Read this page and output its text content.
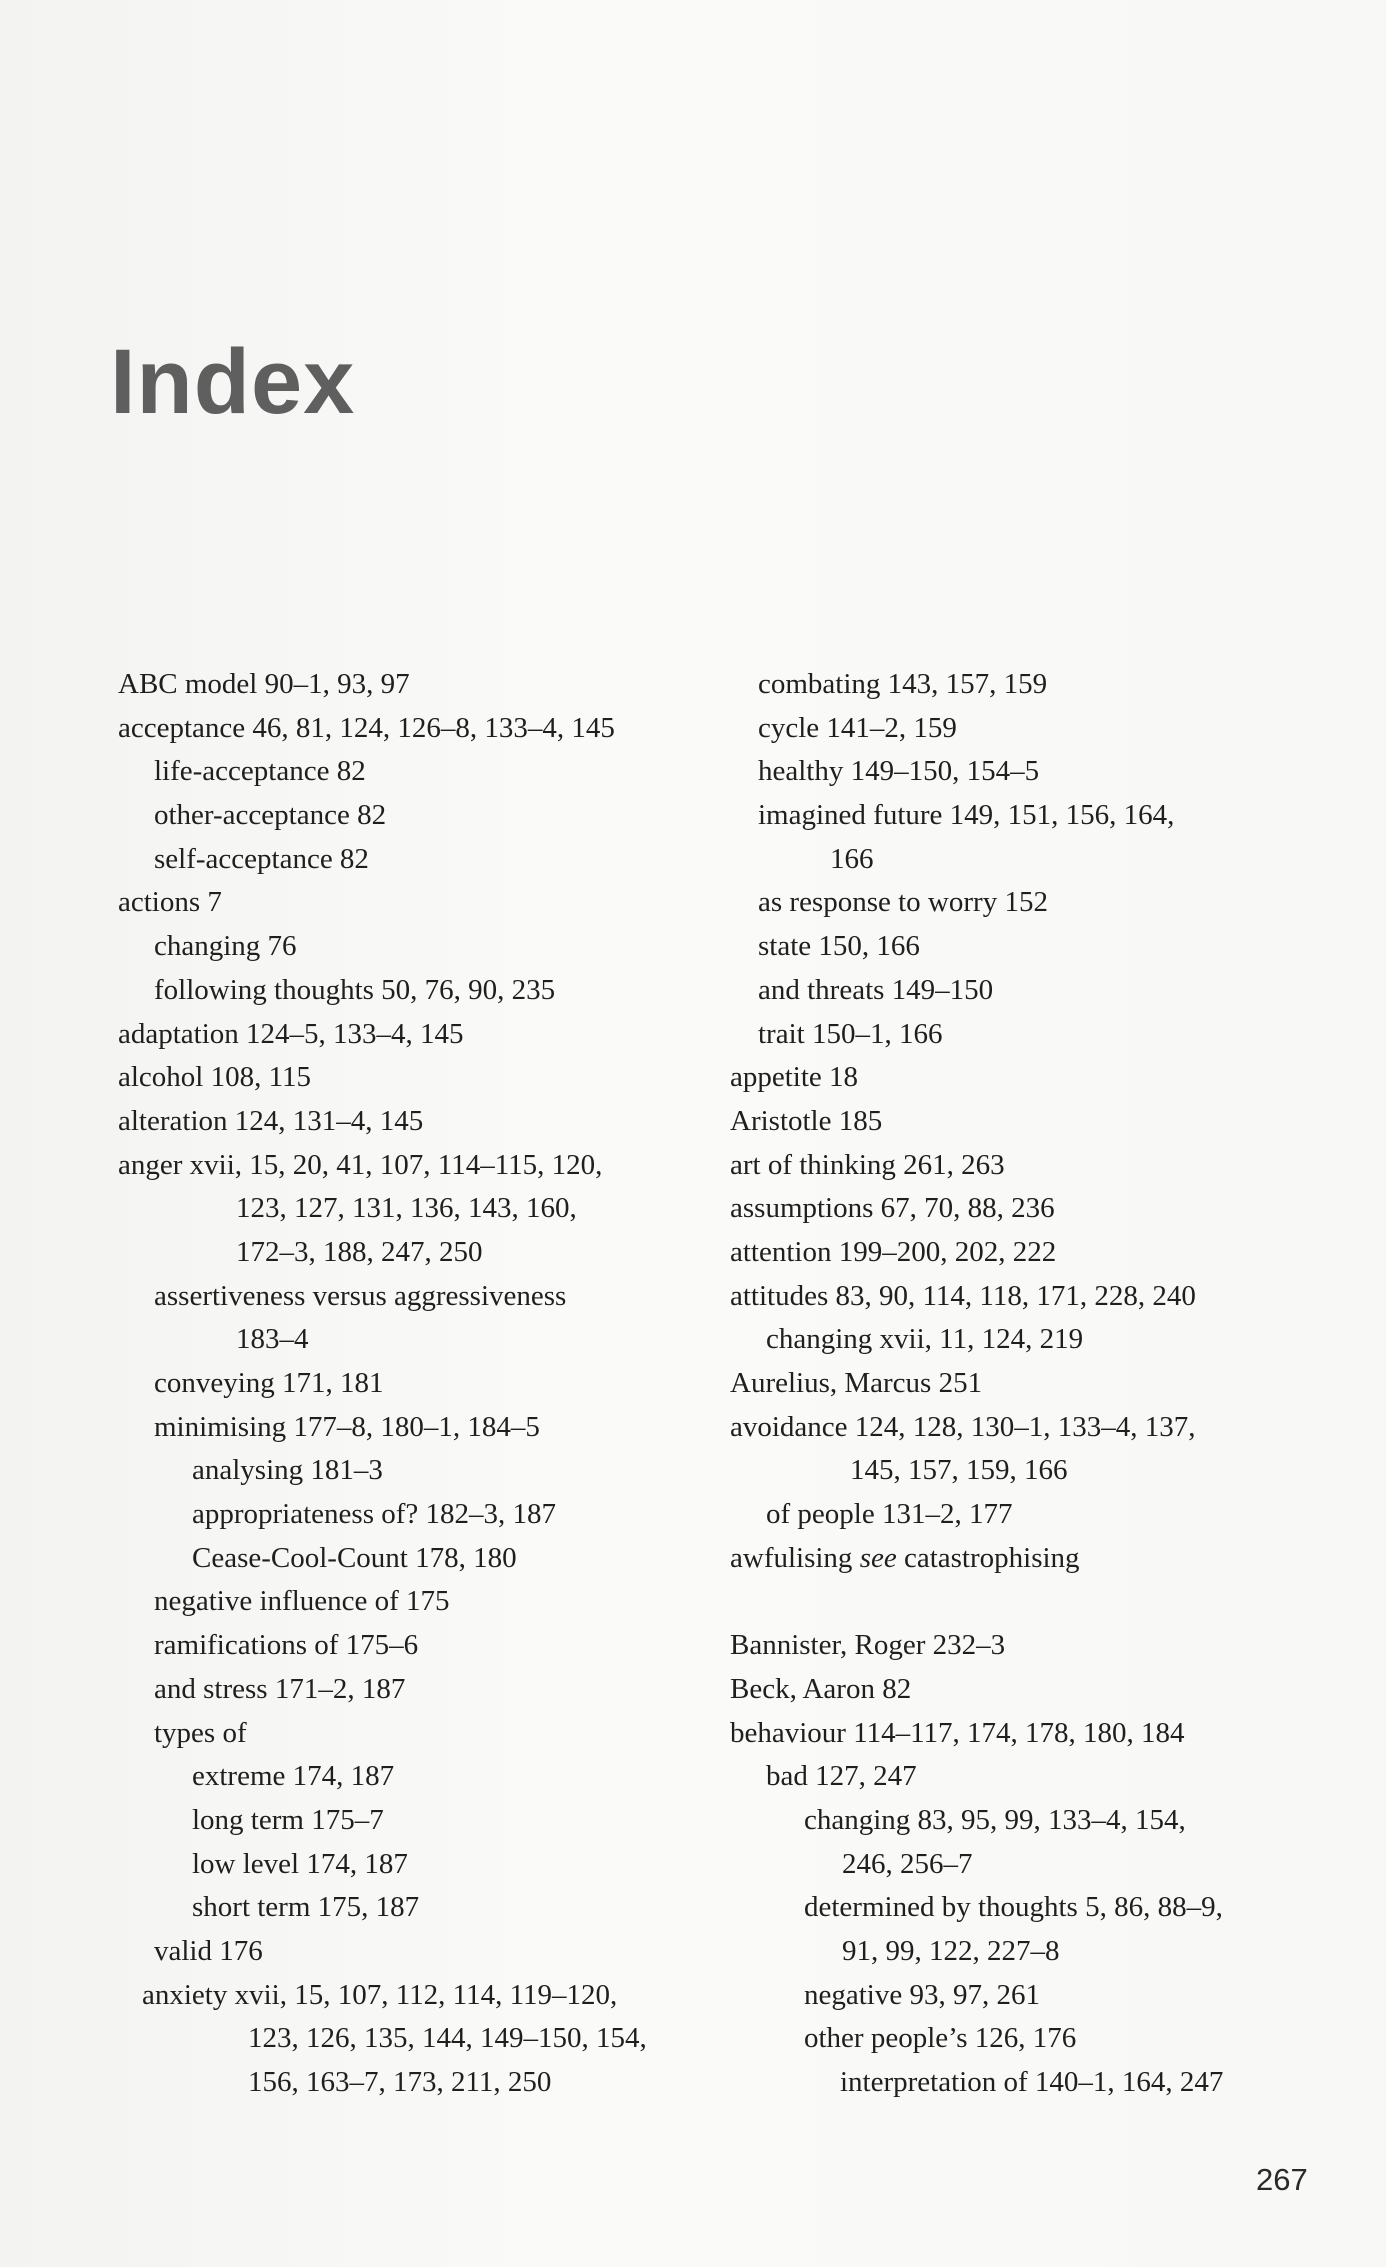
Index

ABC model 90–1, 93, 97

acceptance 46, 81, 124, 126–8, 133–4, 145

life-acceptance 82

other-acceptance 82

self-acceptance 82

actions 7

changing 76

following thoughts 50, 76, 90, 235

adaptation 124–5, 133–4, 145

alcohol 108, 115

alteration 124, 131–4, 145

anger xvii, 15, 20, 41, 107, 114–115, 120,

123, 127, 131, 136, 143, 160,

172–3, 188, 247, 250

assertiveness versus aggressiveness

183–4

conveying 171, 181

minimising 177–8, 180–1, 184–5

analysing 181–3

appropriateness of? 182–3, 187

Cease-Cool-Count 178, 180

negative influence of 175

ramifications of 175–6

and stress 171–2, 187

types of

extreme 174, 187

long term 175–7

low level 174, 187

short term 175, 187

valid 176

anxiety xvii, 15, 107, 112, 114, 119–120,

123, 126, 135, 144, 149–150, 154,

156, 163–7, 173, 211, 250

combating 143, 157, 159

cycle 141–2, 159

healthy 149–150, 154–5

imagined future 149, 151, 156, 164,

166

as response to worry 152

state 150, 166

and threats 149–150

trait 150–1, 166

appetite 18

Aristotle 185

art of thinking 261, 263

assumptions 67, 70, 88, 236

attention 199–200, 202, 222

attitudes 83, 90, 114, 118, 171, 228, 240

changing xvii, 11, 124, 219

Aurelius, Marcus 251

avoidance 124, 128, 130–1, 133–4, 137,

145, 157, 159, 166

of people 131–2, 177

awfulising see catastrophising

Bannister, Roger 232–3

Beck, Aaron 82

behaviour 114–117, 174, 178, 180, 184

bad 127, 247

changing 83, 95, 99, 133–4, 154,

246, 256–7

determined by thoughts 5, 86, 88–9,

91, 99, 122, 227–8

negative 93, 97, 261

other people’s 126, 176

interpretation of 140–1, 164, 247

267
